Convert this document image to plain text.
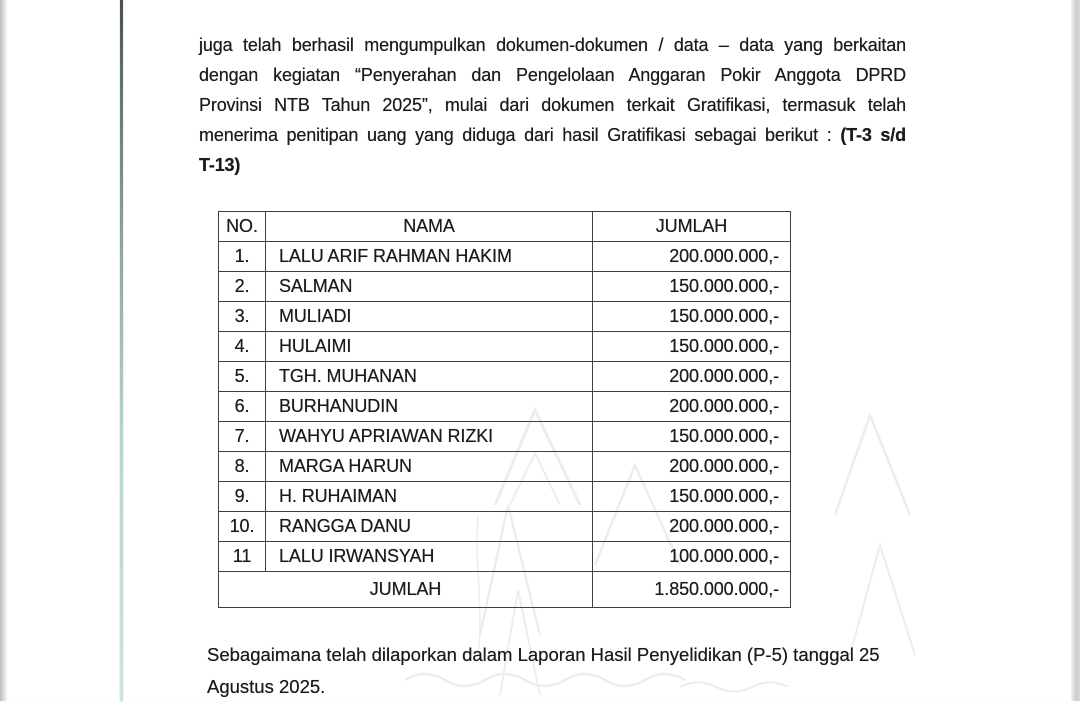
juga telah berhasil mengumpulkan dokumen-dokumen / data – data yang berkaitan
dengan kegiatan “Penyerahan dan Pengelolaan Anggaran Pokir Anggota DPRD
Provinsi NTB Tahun 2025”, mulai dari dokumen terkait Gratifikasi, termasuk telah
menerima penitipan uang yang diduga dari hasil Gratifikasi sebagai berikut : (T-3 s/d
T-13)
NO.	NAMA	JUMLAH
1.	LALU ARIF RAHMAN HAKIM	200.000.000,-
2.	SALMAN	150.000.000,-
3.	MULIADI	150.000.000,-
4.	HULAIMI	150.000.000,-
5.	TGH. MUHANAN	200.000.000,-
6.	BURHANUDIN	200.000.000,-
7.	WAHYU APRIAWAN RIZKI	150.000.000,-
8.	MARGA HARUN	200.000.000,-
9.	H. RUHAIMAN	150.000.000,-
10.	RANGGA DANU	200.000.000,-
11	LALU IRWANSYAH	100.000.000,-
JUMLAH		1.850.000.000,-
Sebagaimana telah dilaporkan dalam Laporan Hasil Penyelidikan (P-5) tanggal 25
Agustus 2025.
